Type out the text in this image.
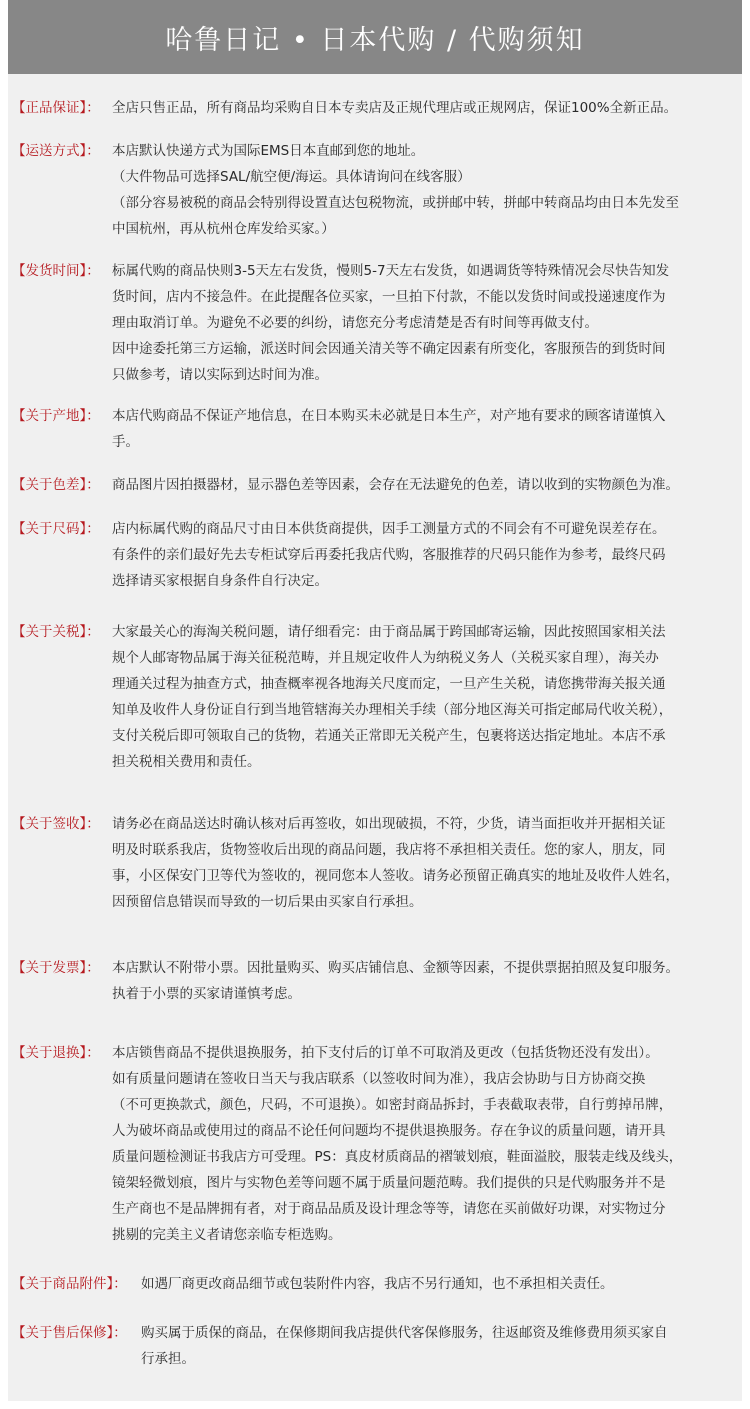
哈鲁日记 • 日本代购 / 代购须知
【正品保证】： 全店只售正品，所有商品均采购自日本专卖店及正规代理店或正规网店，保证100%全新正品。
【运送方式】： 本店默认快递方式为国际EMS日本直邮到您的地址。
（大件物品可选择SAL/航空便/海运。具体请询问在线客服）
（部分容易被税的商品会特别得设置直达包税物流，或拼邮中转，拼邮中转商品均由日本先发至
中国杭州，再从杭州仓库发给买家。）
【发货时间】： 标属代购的商品快则3-5天左右发货，慢则5-7天左右发货，如遇调货等特殊情况会尽快告知发
货时间，店内不接急件。在此提醒各位买家，一旦拍下付款，不能以发货时间或投递速度作为
理由取消订单。为避免不必要的纠纷，请您充分考虑清楚是否有时间等再做支付。
因中途委托第三方运输，派送时间会因通关清关等不确定因素有所变化，客服预告的到货时间
只做参考，请以实际到达时间为准。
【关于产地】： 本店代购商品不保证产地信息，在日本购买未必就是日本生产，对产地有要求的顾客请谨慎入
手。
【关于色差】： 商品图片因拍摄器材，显示器色差等因素，会存在无法避免的色差，请以收到的实物颜色为准。
【关于尺码】： 店内标属代购的商品尺寸由日本供货商提供，因手工测量方式的不同会有不可避免误差存在。
有条件的亲们最好先去专柜试穿后再委托我店代购，客服推荐的尺码只能作为参考，最终尺码
选择请买家根据自身条件自行决定。
【关于关税】： 大家最关心的海淘关税问题，请仔细看完：由于商品属于跨国邮寄运输，因此按照国家相关法
规个人邮寄物品属于海关征税范畴，并且规定收件人为纳税义务人（关税买家自理），海关办
理通关过程为抽查方式，抽查概率视各地海关尺度而定，一旦产生关税，请您携带海关报关通
知单及收件人身份证自行到当地管辖海关办理相关手续（部分地区海关可指定邮局代收关税），
支付关税后即可领取自己的货物，若通关正常即无关税产生，包裹将送达指定地址。本店不承
担关税相关费用和责任。
【关于签收】： 请务必在商品送达时确认核对后再签收，如出现破损，不符，少货，请当面拒收并开据相关证
明及时联系我店，货物签收后出现的商品问题，我店将不承担相关责任。您的家人，朋友，同
事，小区保安门卫等代为签收的，视同您本人签收。请务必预留正确真实的地址及收件人姓名，
因预留信息错误而导致的一切后果由买家自行承担。
【关于发票】： 本店默认不附带小票。因批量购买、购买店铺信息、金额等因素，不提供票据拍照及复印服务。
执着于小票的买家请谨慎考虑。
【关于退换】： 本店锁售商品不提供退换服务，拍下支付后的订单不可取消及更改（包括货物还没有发出）。
如有质量问题请在签收日当天与我店联系（以签收时间为准），我店会协助与日方协商交换
（不可更换款式，颜色，尺码，不可退换）。如密封商品拆封，手表截取表带，自行剪掉吊牌，
人为破坏商品或使用过的商品不论任何问题均不提供退换服务。存在争议的质量问题，请开具
质量问题检测证书我店方可受理。PS：真皮材质商品的褶皱划痕，鞋面溢胶，服装走线及线头，
镜架轻微划痕，图片与实物色差等问题不属于质量问题范畴。我们提供的只是代购服务并不是
生产商也不是品牌拥有者，对于商品品质及设计理念等等，请您在买前做好功课，对实物过分
挑剔的完美主义者请您亲临专柜选购。
【关于商品附件】： 如遇厂商更改商品细节或包装附件内容，我店不另行通知，也不承担相关责任。
【关于售后保修】： 购买属于质保的商品，在保修期间我店提供代客保修服务，往返邮资及维修费用须买家自
行承担。
